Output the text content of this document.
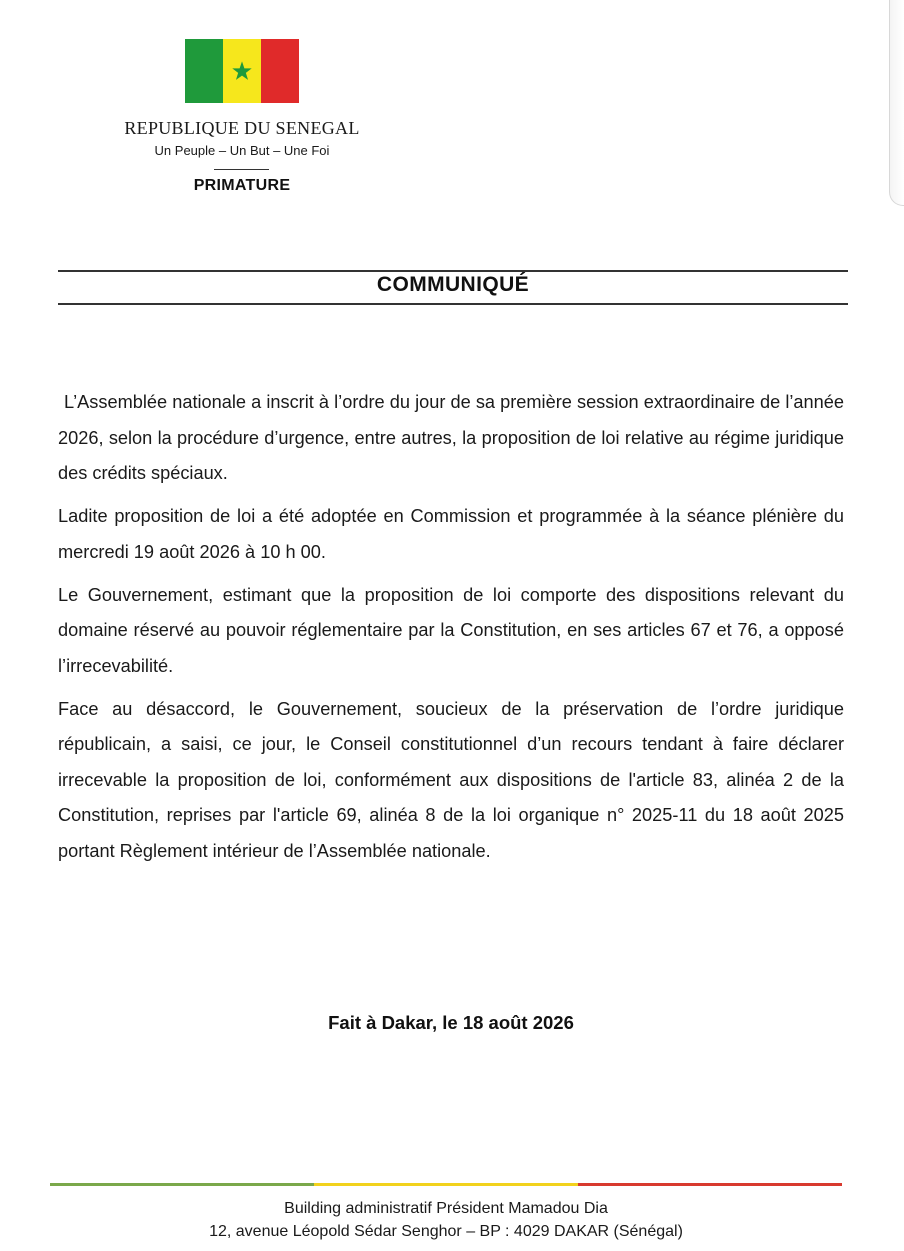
REPUBLIQUE DU SENEGAL
Un Peuple – Un But – Une Foi
PRIMATURE
COMMUNIQUÉ

L’Assemblée nationale a inscrit à l’ordre du jour de sa première session extraordinaire de l’année 2026, selon la procédure d’urgence, entre autres, la proposition de loi relative au régime juridique des crédits spéciaux.

Ladite proposition de loi a été adoptée en Commission et programmée à la séance plénière du mercredi 19 août 2026 à 10 h 00.

Le Gouvernement, estimant que la proposition de loi comporte des dispositions relevant du domaine réservé au pouvoir réglementaire par la Constitution, en ses articles 67 et 76, a opposé l’irrecevabilité.

Face au désaccord, le Gouvernement, soucieux de la préservation de l’ordre juridique républicain, a saisi, ce jour, le Conseil constitutionnel d’un recours tendant à faire déclarer irrecevable la proposition de loi, conformément aux dispositions de l'article 83, alinéa 2 de la Constitution, reprises par l'article 69, alinéa 8 de la loi organique n° 2025-11 du 18 août 2025 portant Règlement intérieur de l’Assemblée nationale.

Fait à Dakar, le 18 août 2026
Building administratif Président Mamadou Dia
12, avenue Léopold Sédar Senghor – BP : 4029 DAKAR (Sénégal)
